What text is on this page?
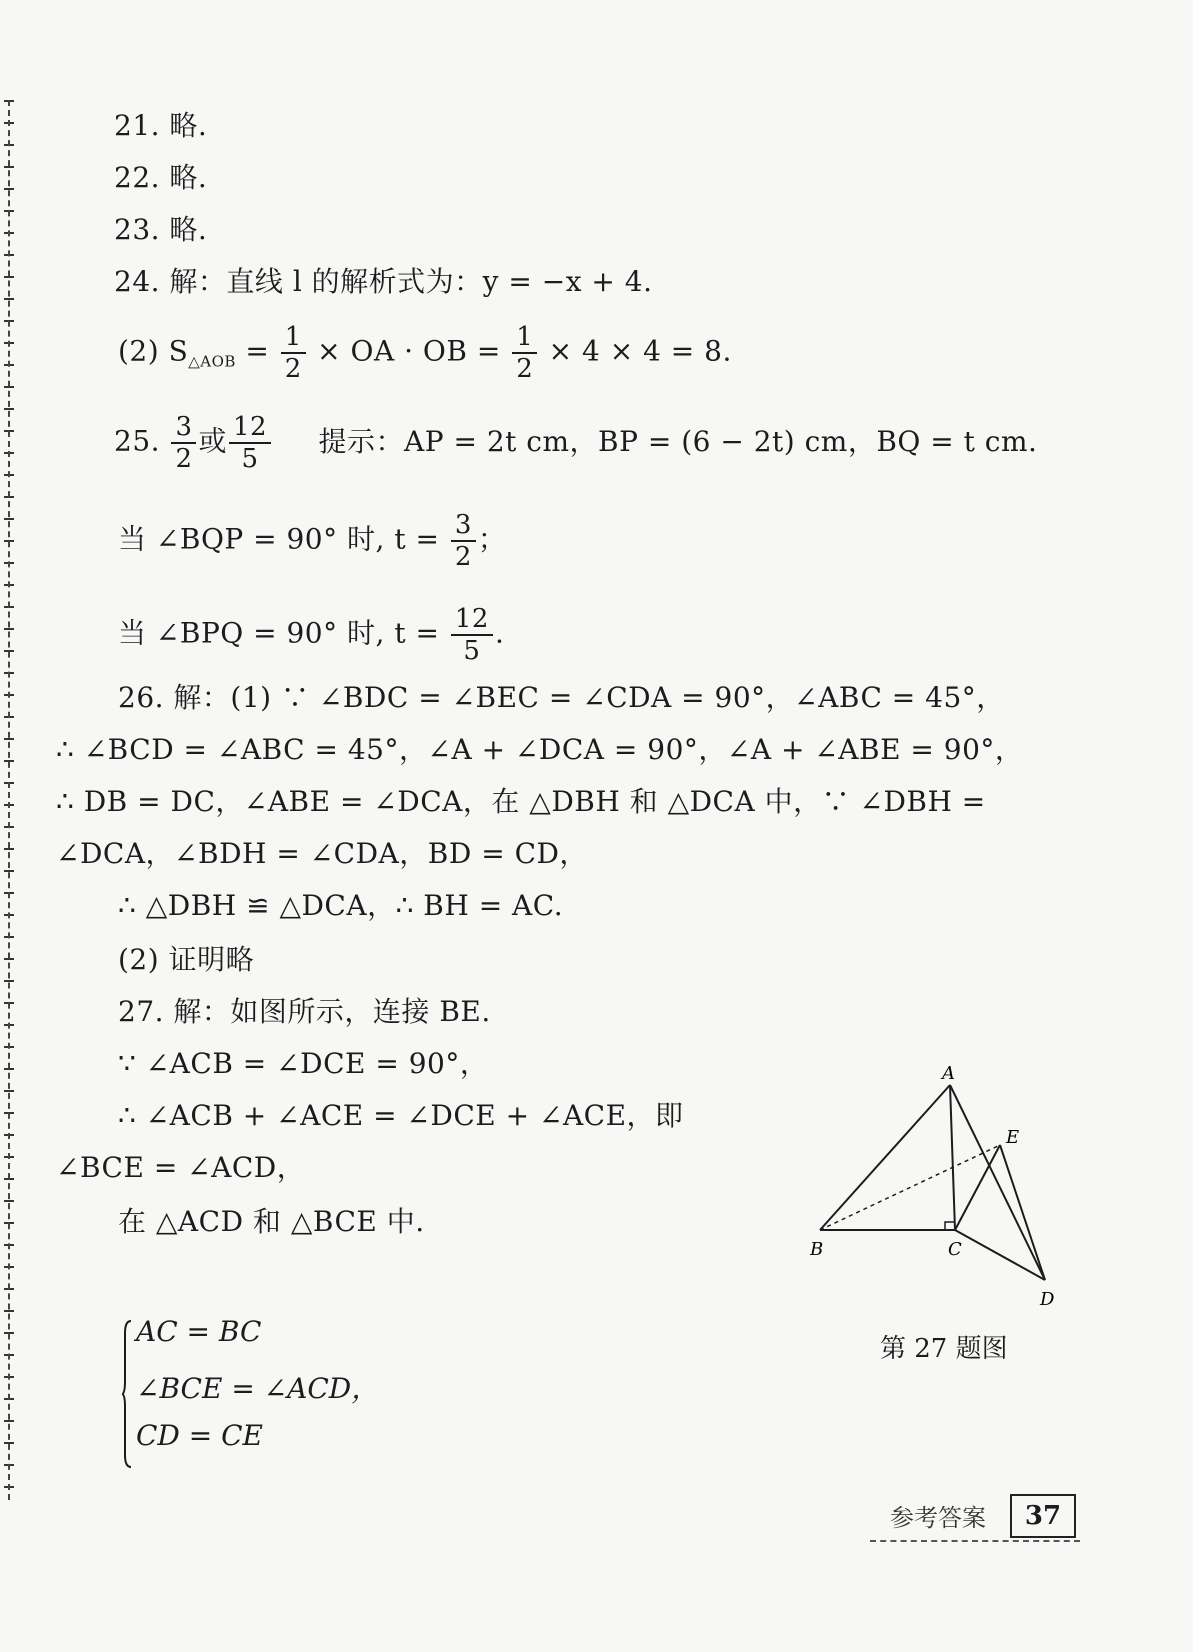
21. 略.
22. 略.
23. 略.
24. 解：直线 l 的解析式为：y = −x + 4.
(2) $S_{\triangle AOB} = \frac{1}{2}$ × OA · OB = $\frac{1}{2} \times 4 \times 4 = 8$.
25. $\frac{3}{2}$ 或 $\frac{12}{5}$ 提示：AP = 2t cm，BP = (6 − 2t) cm，BQ = t cm.
当 ∠BQP = 90° 时, $t = \frac{3}{2}$ ；
当 ∠BPQ = 90° 时, $t = \frac{12}{5}$ .
26. 解：(1) ∵ ∠BDC = ∠BEC = ∠CDA = 90°，∠ABC = 45°，
∴ ∠BCD = ∠ABC = 45°，∠A + ∠DCA = 90°，∠A + ∠ABE = 90°，
∴ DB = DC，∠ABE = ∠DCA，在 △DBH 和 △DCA 中，∵ ∠DBH =
∠DCA，∠BDH = ∠CDA，BD = CD，
∴ △DBH ≌ △DCA，∴ BH = AC.
(2) 证明略
27. 解：如图所示，连接 BE.
∵ ∠ACB = ∠DCE = 90°，
∴ ∠ACB + ∠ACE = ∠DCE + ∠ACE，即
∠BCE = ∠ACD，
在 △ACD 和 △BCE 中.
AC = BC
∠BCE = ∠ACD，
CD = CE
A
E
B	C
D
第 27 题图
参考答案	37
